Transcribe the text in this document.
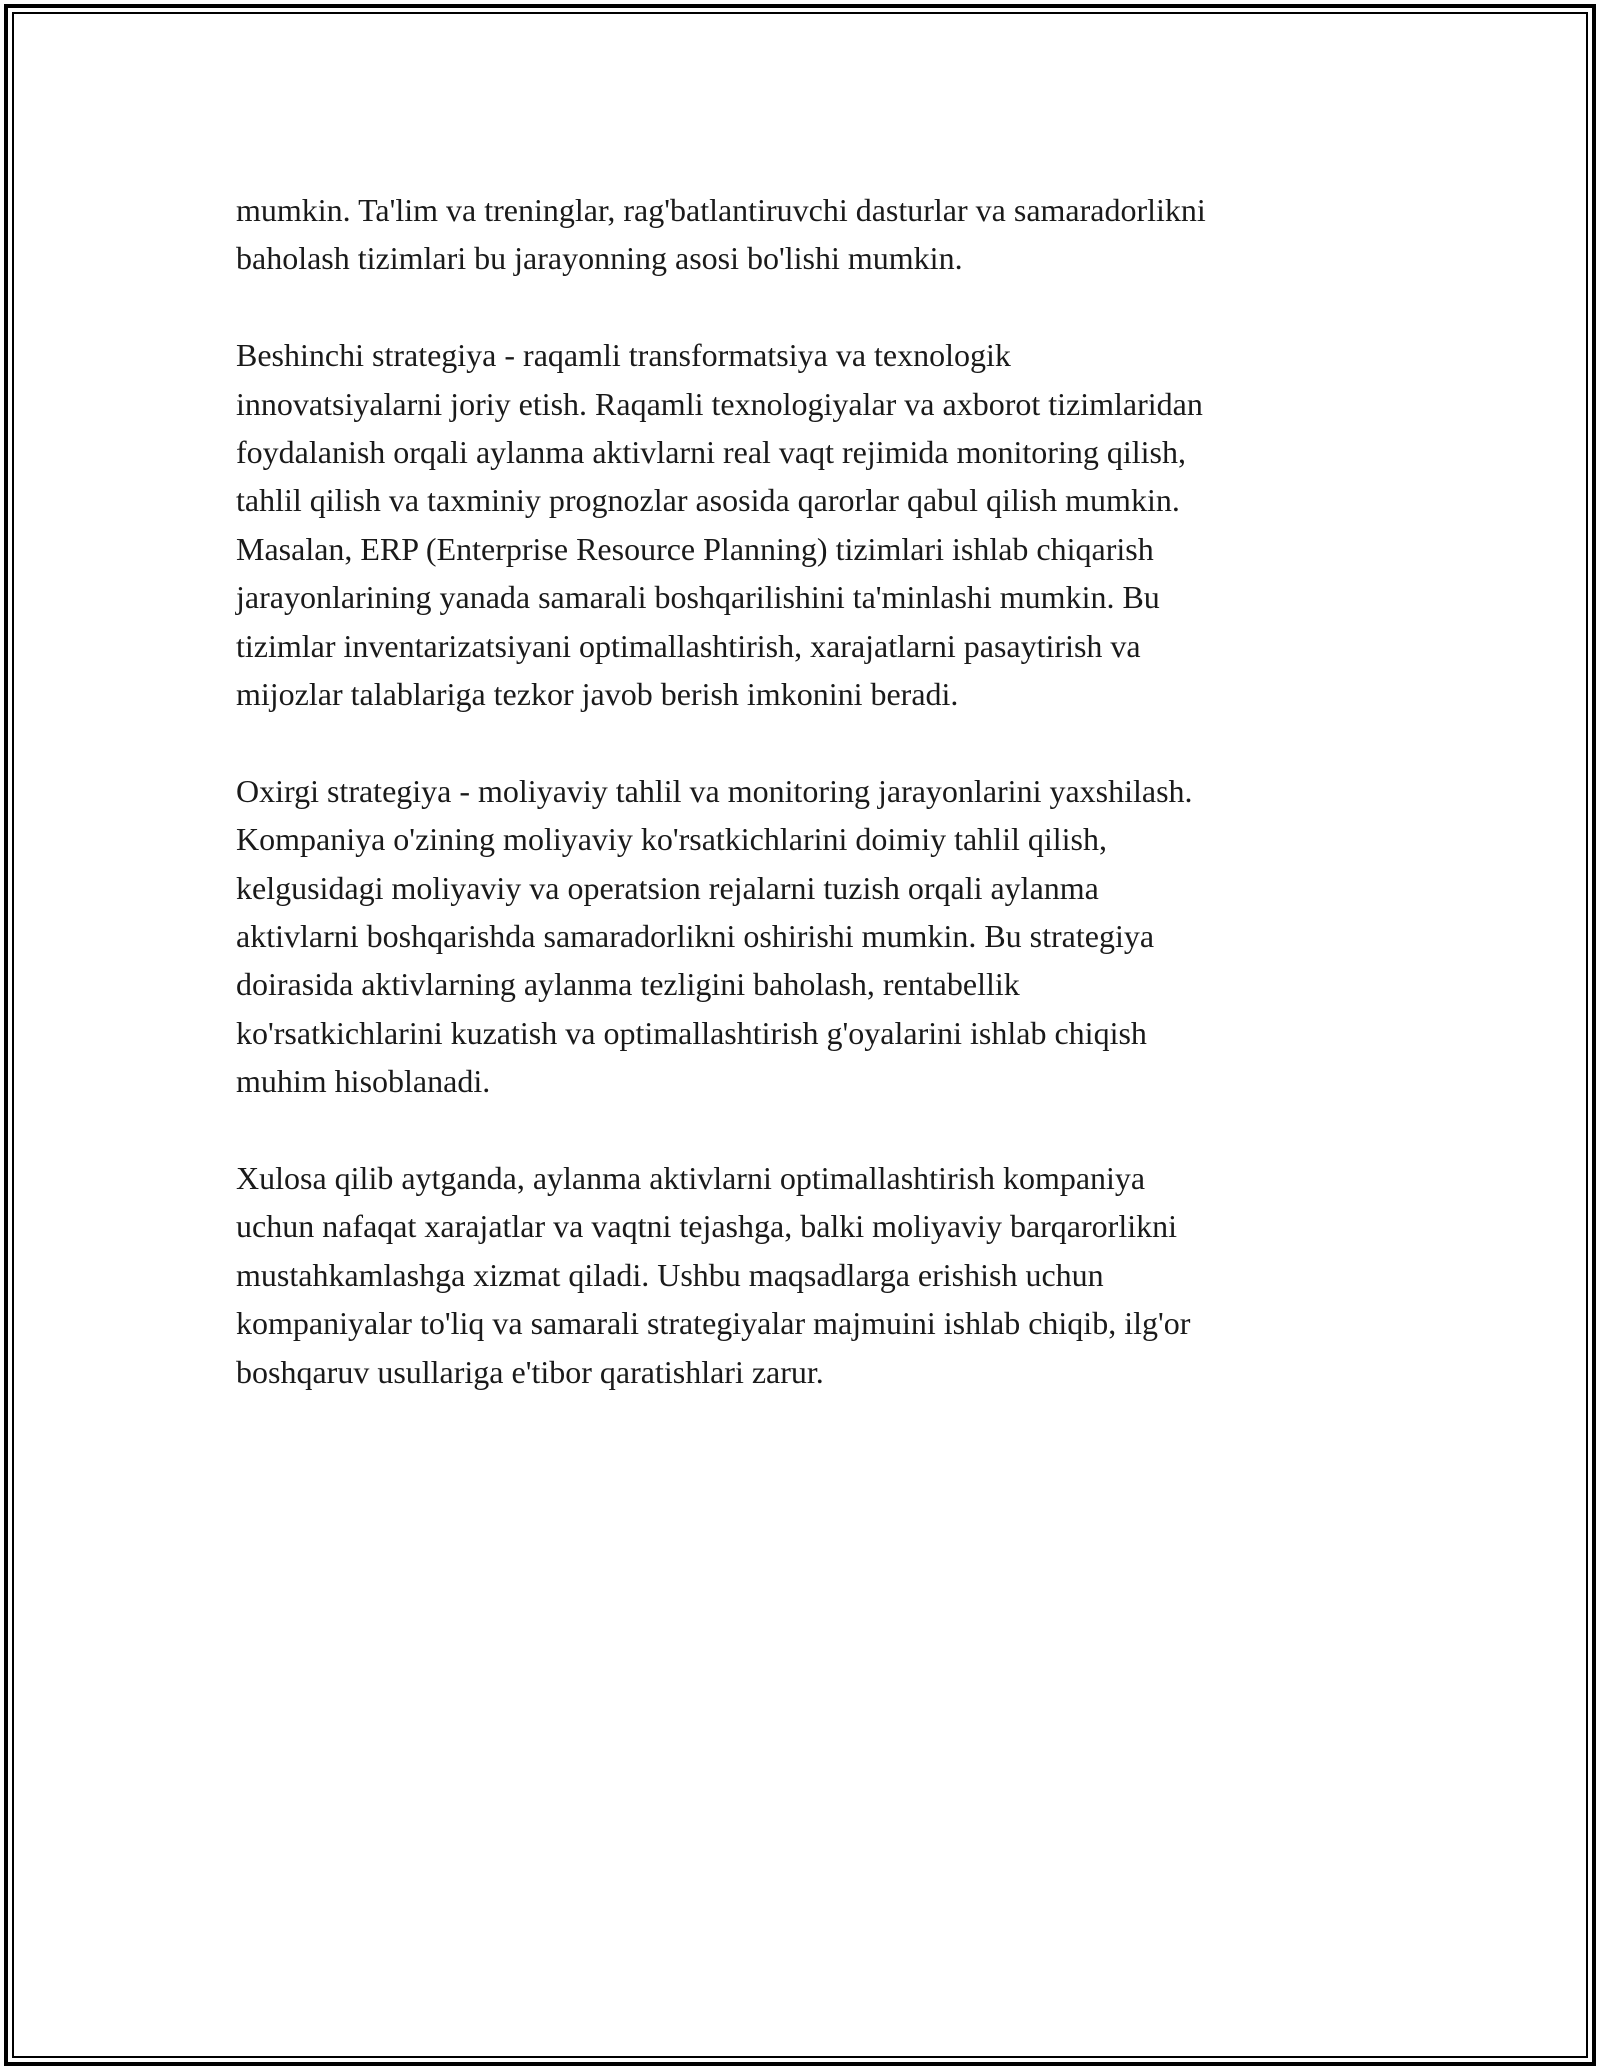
mumkin. Ta'lim va treninglar, rag'batlantiruvchi dasturlar va samaradorlikni
baholash tizimlari bu jarayonning asosi bo'lishi mumkin.

Beshinchi strategiya - raqamli transformatsiya va texnologik
innovatsiyalarni joriy etish. Raqamli texnologiyalar va axborot tizimlaridan
foydalanish orqali aylanma aktivlarni real vaqt rejimida monitoring qilish,
tahlil qilish va taxminiy prognozlar asosida qarorlar qabul qilish mumkin.
Masalan, ERP (Enterprise Resource Planning) tizimlari ishlab chiqarish
jarayonlarining yanada samarali boshqarilishini ta'minlashi mumkin. Bu
tizimlar inventarizatsiyani optimallashtirish, xarajatlarni pasaytirish va
mijozlar talablariga tezkor javob berish imkonini beradi.

Oxirgi strategiya - moliyaviy tahlil va monitoring jarayonlarini yaxshilash.
Kompaniya o'zining moliyaviy ko'rsatkichlarini doimiy tahlil qilish,
kelgusidagi moliyaviy va operatsion rejalarni tuzish orqali aylanma
aktivlarni boshqarishda samaradorlikni oshirishi mumkin. Bu strategiya
doirasida aktivlarning aylanma tezligini baholash, rentabellik
ko'rsatkichlarini kuzatish va optimallashtirish g'oyalarini ishlab chiqish
muhim hisoblanadi.

Xulosa qilib aytganda, aylanma aktivlarni optimallashtirish kompaniya
uchun nafaqat xarajatlar va vaqtni tejashga, balki moliyaviy barqarorlikni
mustahkamlashga xizmat qiladi. Ushbu maqsadlarga erishish uchun
kompaniyalar to'liq va samarali strategiyalar majmuini ishlab chiqib, ilg'or
boshqaruv usullariga e'tibor qaratishlari zarur.
